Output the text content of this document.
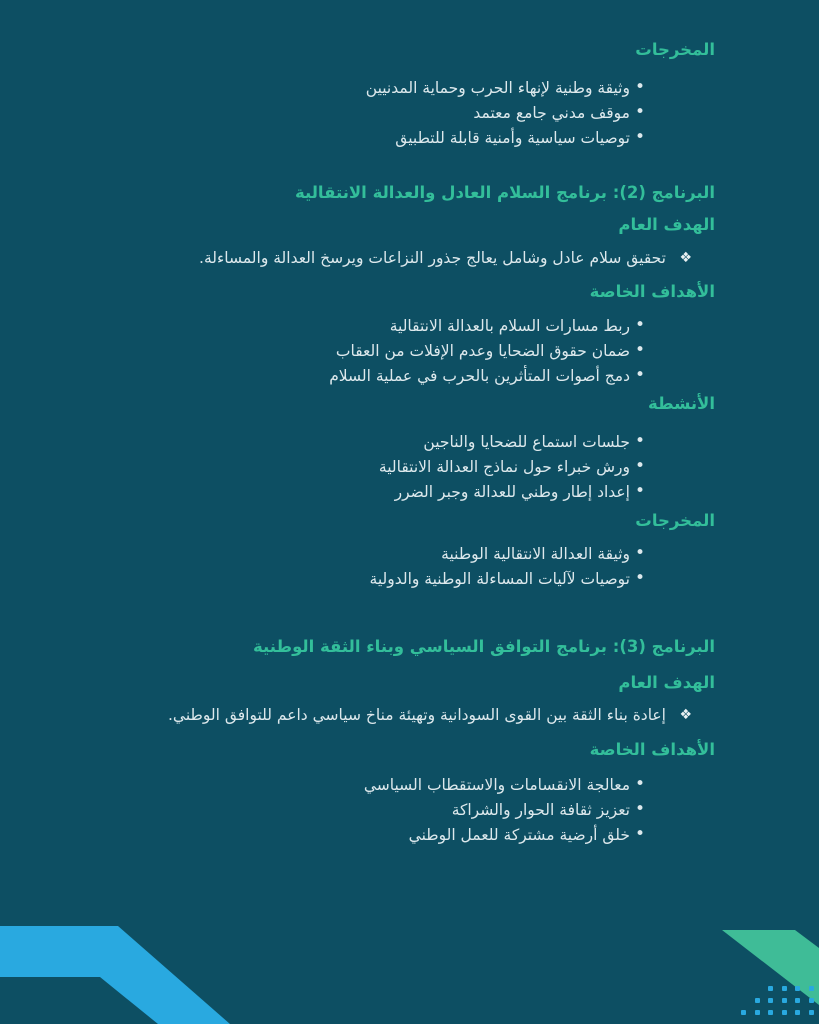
المخرجات
•
وثيقة وطنية لإنهاء الحرب وحماية المدنيين
•
موقف مدني جامع معتمد
•
توصيات سياسية وأمنية قابلة للتطبيق
البرنامج (2): برنامج السلام العادل والعدالة الانتقالية
الهدف العام
❖
تحقيق سلام عادل وشامل يعالج جذور النزاعات ويرسخ العدالة والمساءلة.
الأهداف الخاصة
•
ربط مسارات السلام بالعدالة الانتقالية
•
ضمان حقوق الضحايا وعدم الإفلات من العقاب
•
دمج أصوات المتأثرين بالحرب في عملية السلام
الأنشطة
•
جلسات استماع للضحايا والناجين
•
ورش خبراء حول نماذج العدالة الانتقالية
•
إعداد إطار وطني للعدالة وجبر الضرر
المخرجات
•
وثيقة العدالة الانتقالية الوطنية
•
توصيات لآليات المساءلة الوطنية والدولية
البرنامج (3): برنامج التوافق السياسي وبناء الثقة الوطنية
الهدف العام
❖
إعادة بناء الثقة بين القوى السودانية وتهيئة مناخ سياسي داعم للتوافق الوطني.
الأهداف الخاصة
•
معالجة الانقسامات والاستقطاب السياسي
•
تعزيز ثقافة الحوار والشراكة
•
خلق أرضية مشتركة للعمل الوطني
